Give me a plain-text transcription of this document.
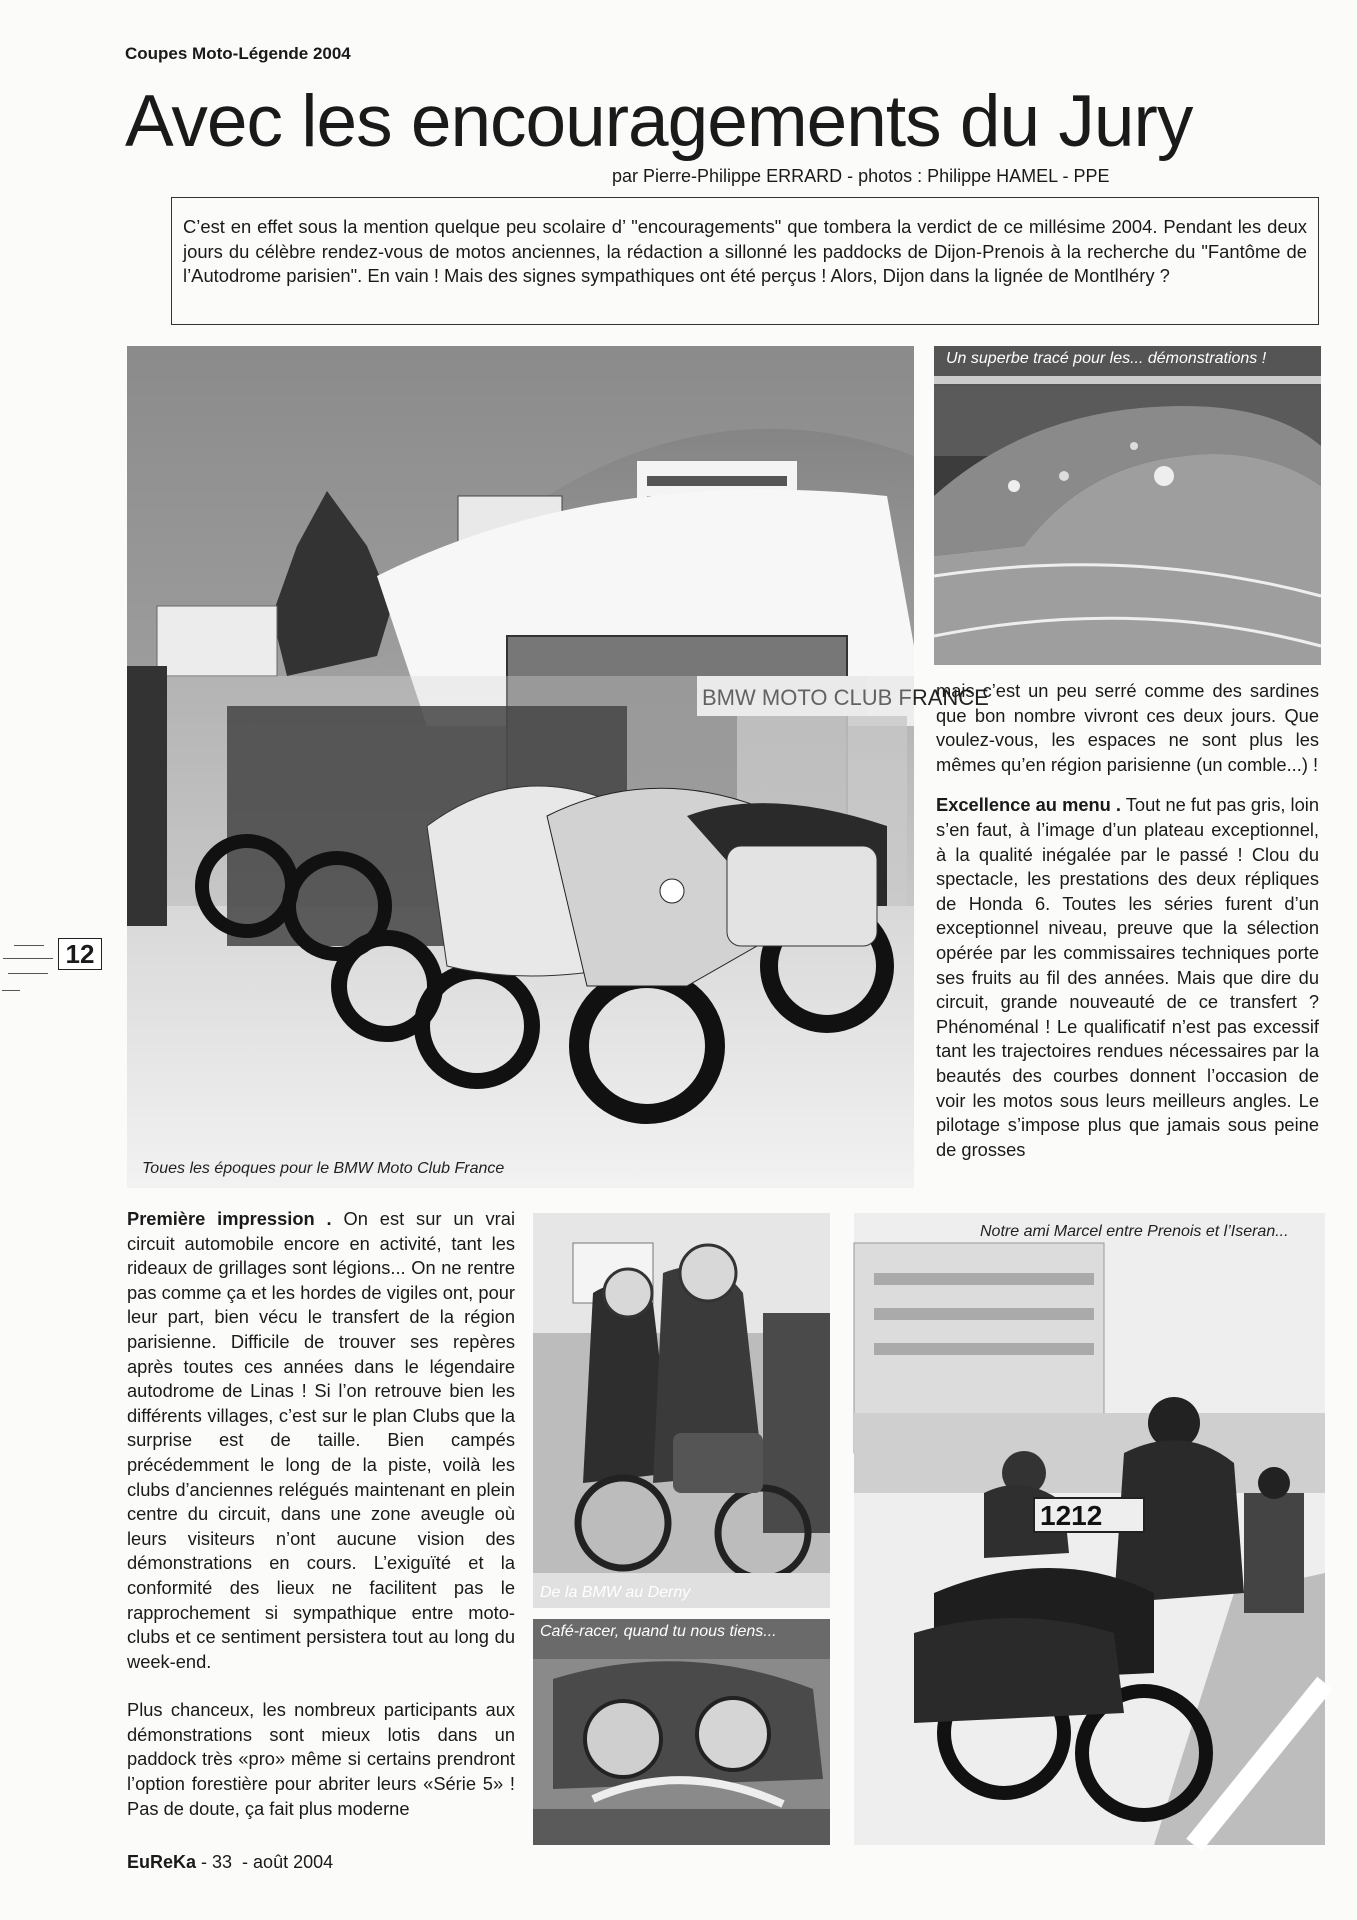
Coupes Moto-Légende 2004
Avec les encouragements du Jury
par Pierre-Philippe ERRARD - photos : Philippe HAMEL - PPE
C’est en effet sous la mention quelque peu scolaire d’ "encouragements" que tombera la verdict de ce millésime 2004. Pendant les deux jours du célèbre rendez-vous de motos anciennes, la rédaction a sillonné les paddocks de Dijon-Prenois à la recherche du "Fantôme de l’Autodrome parisien". En vain ! Mais des signes sympathiques ont été perçus ! Alors, Dijon dans la lignée de Montlhéry ?
BMW MOTO CLUB FRANCE
Toues les époques pour le BMW Moto Club France
Un superbe tracé pour les... démonstrations !

mais c’est un peu serré comme des sardines que bon nombre vivront ces deux jours. Que voulez-vous, les espaces ne sont plus les mêmes qu’en région parisienne (un comble...) !

Excellence au menu . Tout ne fut pas gris, loin s’en faut, à l’image d’un plateau exceptionnel, à la qualité inégalée par le passé ! Clou du spectacle, les prestations des deux répliques de Honda 6. Toutes les séries furent d’un exceptionnel niveau, preuve que la sélection opérée par les commissaires techniques porte ses fruits au fil des années. Mais que dire du circuit, grande nouveauté de ce transfert ? Phénoménal ! Le qualificatif n’est pas excessif tant les trajectoires rendues nécessaires par la beautés des courbes donnent l’occasion de voir les motos sous leurs meilleurs angles. Le pilotage s’impose plus que jamais sous peine de grosses

Première impression . On est sur un vrai circuit automobile encore en activité, tant les rideaux de grillages sont légions... On ne rentre pas comme ça et les hordes de vigiles ont, pour leur part, bien vécu le transfert de la région parisienne. Difficile de trouver ses repères après toutes ces années dans le légendaire autodrome de Linas ! Si l’on retrouve bien les différents villages, c’est sur le plan Clubs que la surprise est de taille. Bien campés précédemment le long de la piste, voilà les clubs d’anciennes relégués maintenant en plein centre du circuit, dans une zone aveugle où leurs visiteurs n’ont aucune vision des démonstrations en cours. L’exiguïté et la conformité des lieux ne facilitent pas le rapprochement si sympathique entre moto-clubs et ce sentiment persistera tout au long du week-end.

Plus chanceux, les nombreux participants aux démonstrations sont mieux lotis dans un paddock très «pro» même si certains prendront l’option forestière pour abriter leurs «Série 5» ! Pas de doute, ça fait plus moderne

De la BMW au Derny
Café-racer, quand tu nous tiens...
1212
Notre ami Marcel entre Prenois et l’Iseran...
12
EuReKa - 33  - août 2004
